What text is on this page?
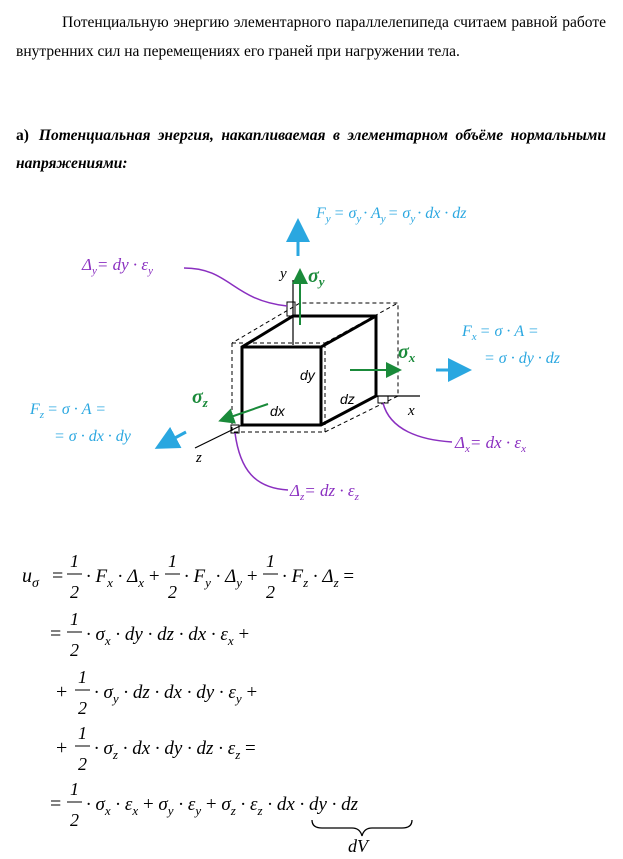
Потенциальную энергию элементарного параллелепипеда считаем равной работе внутренних сил на перемещениях его граней при нагружении тела.
а) Потенциальная энергия, накапливаемая в элементарном объёме нормальными напряжениями:
y
x
z
dy
dx
dz
$\sigma_y$
$\sigma_x$
$\sigma_z$
$F_y = \sigma_y \cdot A_y = \sigma_y$ · dx · dz
$F_x = \sigma \cdot A$ =
= σ · dy · dz
$F_z = \sigma \cdot A$ =
= σ · dx · dy
$\Delta_y=$ dy · $\varepsilon_y$
$\Delta_x=$ dx · $\varepsilon_x$
$\Delta_z=$ dz · $\varepsilon_z$
$u_\sigma$ =
1
2
· $F_x \cdot \Delta_x$ +
1
2
· $F_y \cdot \Delta_y$ +
1
2
· $F_z \cdot \Delta_z$ =
=
1
2
· $\sigma_x$ · dy · dz · dx · $\varepsilon_x$ +
+
1
2
· $\sigma_y$ · dz · dx · dy · $\varepsilon_y$ +
+
1
2
· $\sigma_z$ · dx · dy · dz · $\varepsilon_z$ =
=
1
2
· $\sigma_x \cdot \varepsilon_x + \sigma_y \cdot \varepsilon_y + \sigma_z \cdot \varepsilon_z$ · dx · dy · dz
dV
